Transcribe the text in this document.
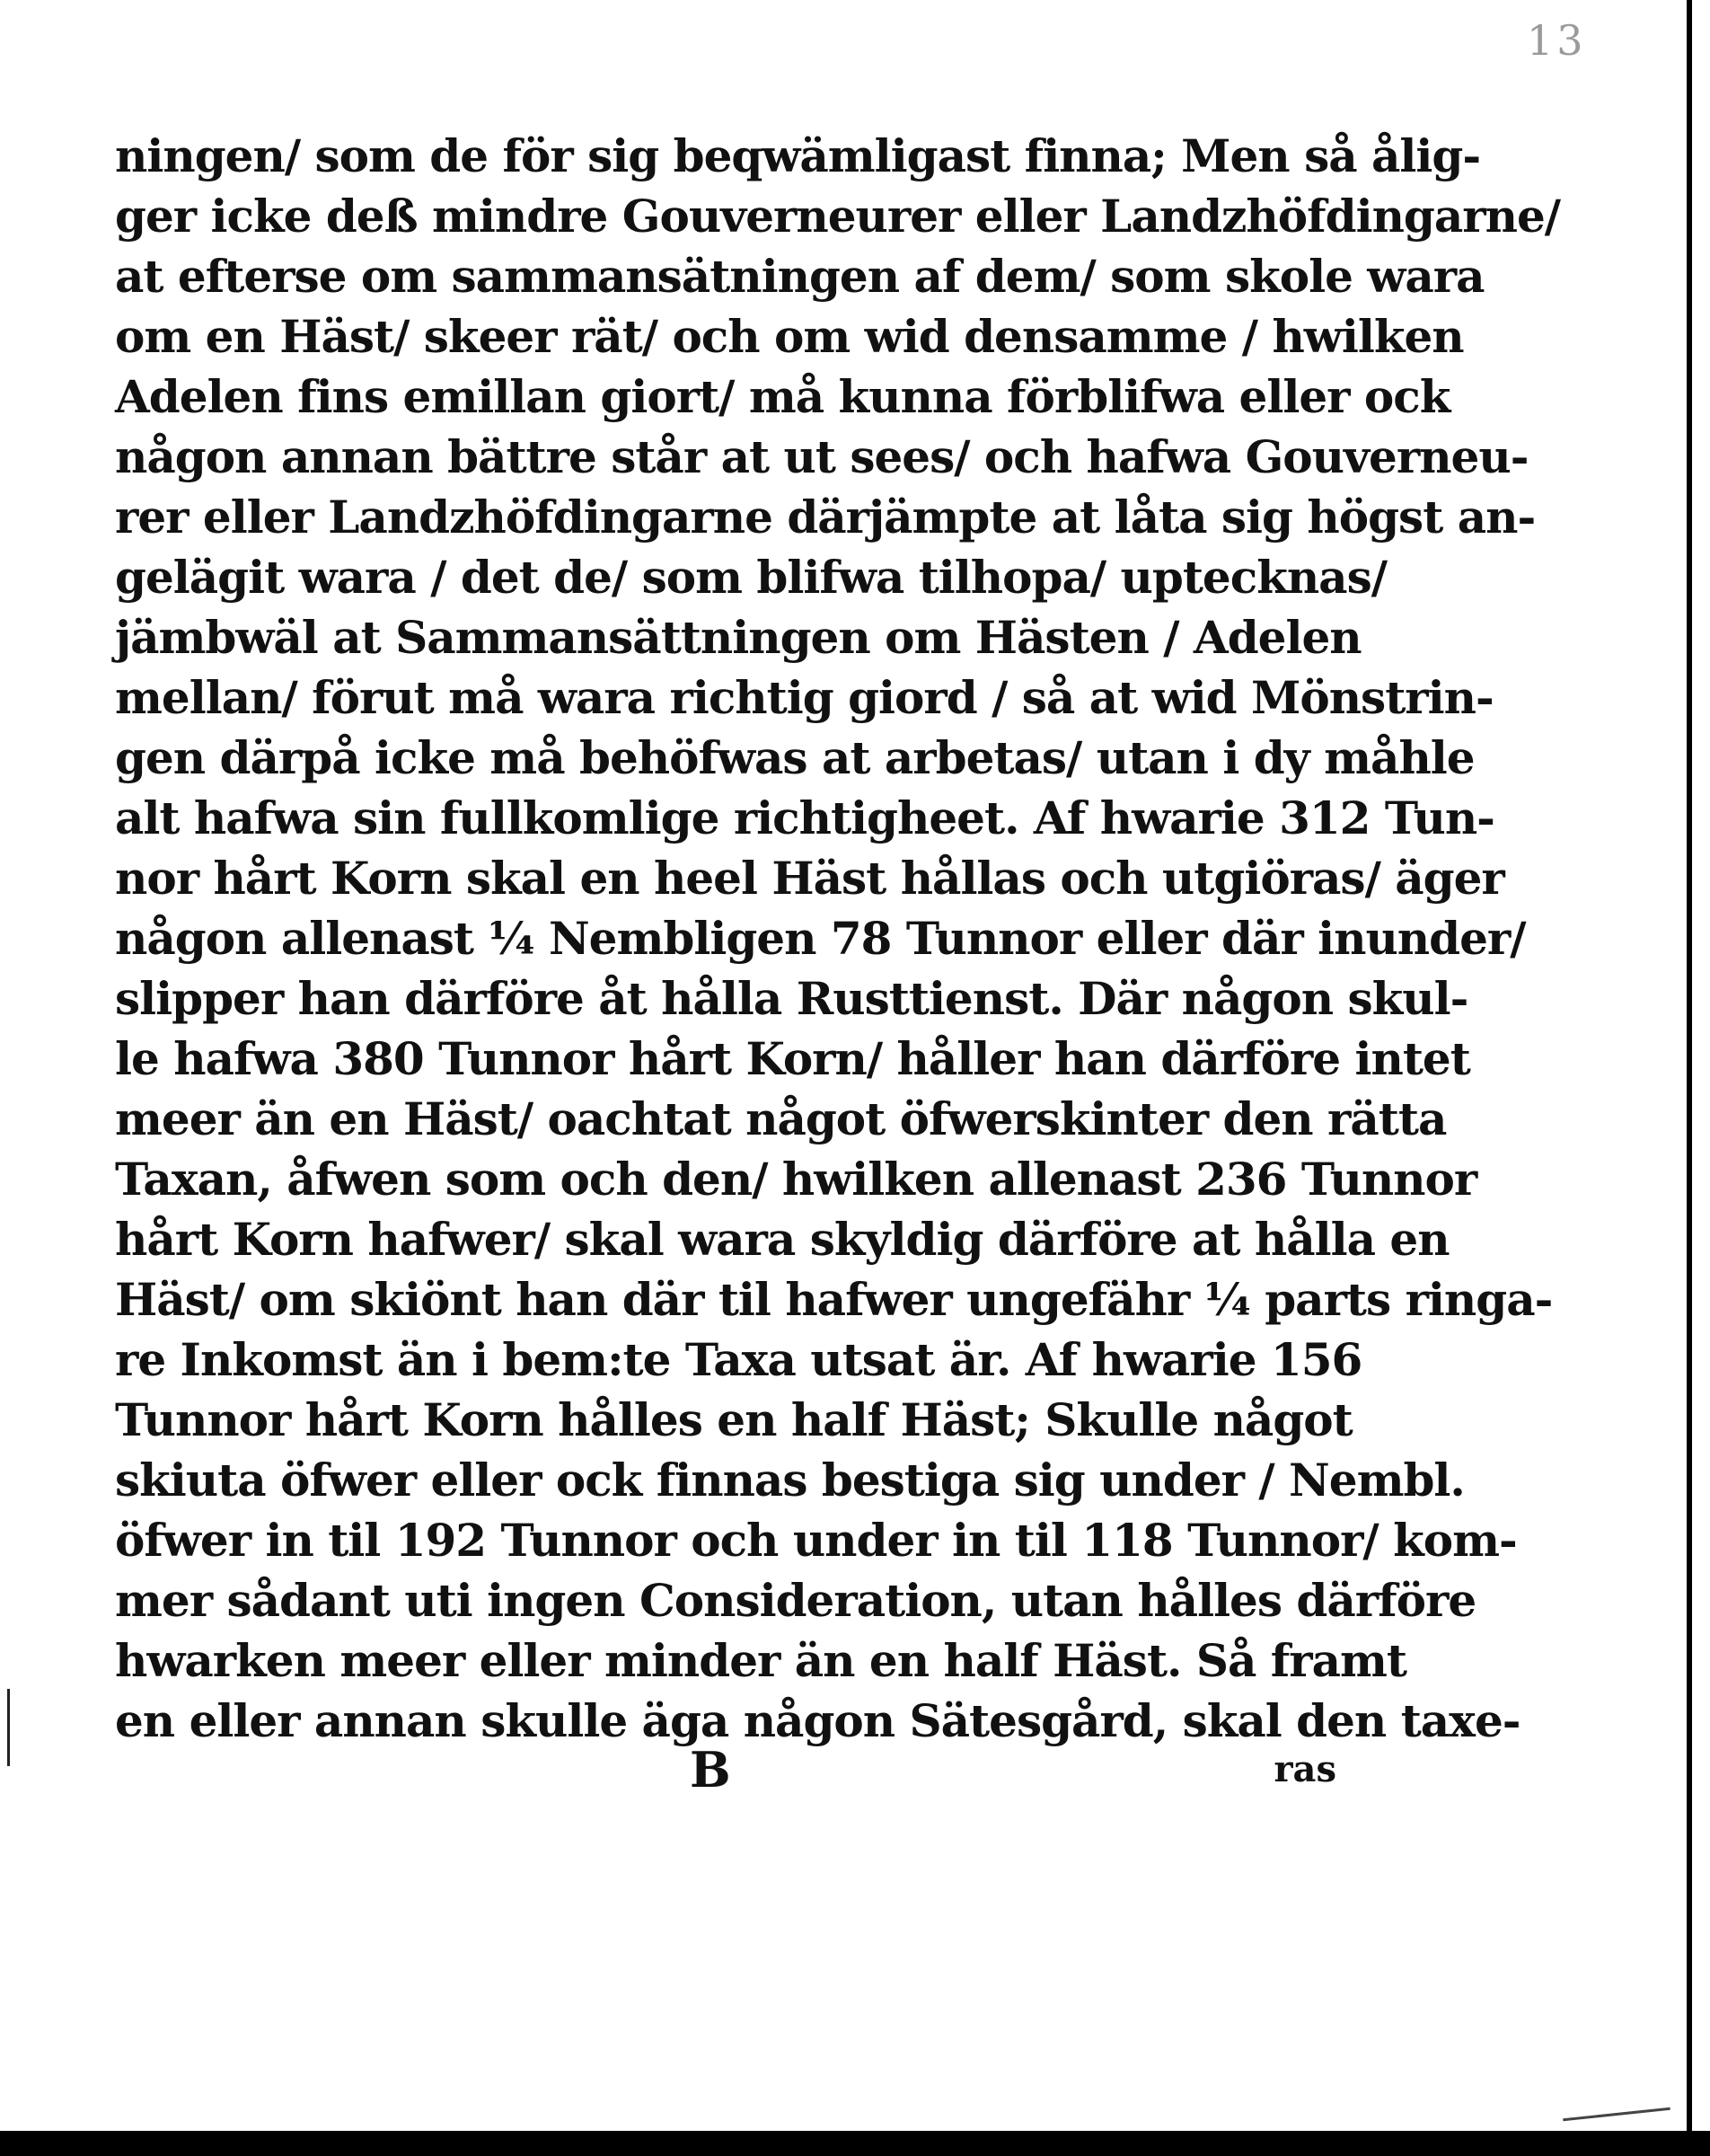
13
ningen/ som de för sig beqwämligast finna; Men så ålig-
ger icke deß mindre Gouverneurer eller Landzhöfdingarne/
at efterse om sammansätningen af dem/ som skole wara
om en Häst/ skeer rät/ och om wid densamme / hwilken
Adelen fins emillan giort/ må kunna förblifwa eller ock
någon annan bättre står at ut sees/ och hafwa Gouverneu-
rer eller Landzhöfdingarne därjämpte at låta sig högst an-
gelägit wara / det de/ som blifwa tilhopa/ uptecknas/
jämbwäl at Sammansättningen om Hästen / Adelen
mellan/ förut må wara richtig giord / så at wid Mönstrin-
gen därpå icke må behöfwas at arbetas/ utan i dy måhle
alt hafwa sin fullkomlige richtigheet. Af hwarie 312 Tun-
nor hårt Korn skal en heel Häst hållas och utgiöras/ äger
någon allenast ¼ Nembligen 78 Tunnor eller där inunder/
slipper han därföre åt hålla Rusttienst. Där någon skul-
le hafwa 380 Tunnor hårt Korn/ håller han därföre intet
meer än en Häst/ oachtat något öfwerskinter den rätta
Taxan, åfwen som och den/ hwilken allenast 236 Tunnor
hårt Korn hafwer/ skal wara skyldig därföre at hålla en
Häst/ om skiönt han där til hafwer ungefähr ¼ parts ringa-
re Inkomst än i bem:te Taxa utsat är. Af hwarie 156
Tunnor hårt Korn hålles en half Häst; Skulle något
skiuta öfwer eller ock finnas bestiga sig under / Nembl.
öfwer in til 192 Tunnor och under in til 118 Tunnor/ kom-
mer sådant uti ingen Consideration, utan hålles därföre
hwarken meer eller minder än en half Häst. Så framt
en eller annan skulle äga någon Sätesgård, skal den taxe-
B	ras
